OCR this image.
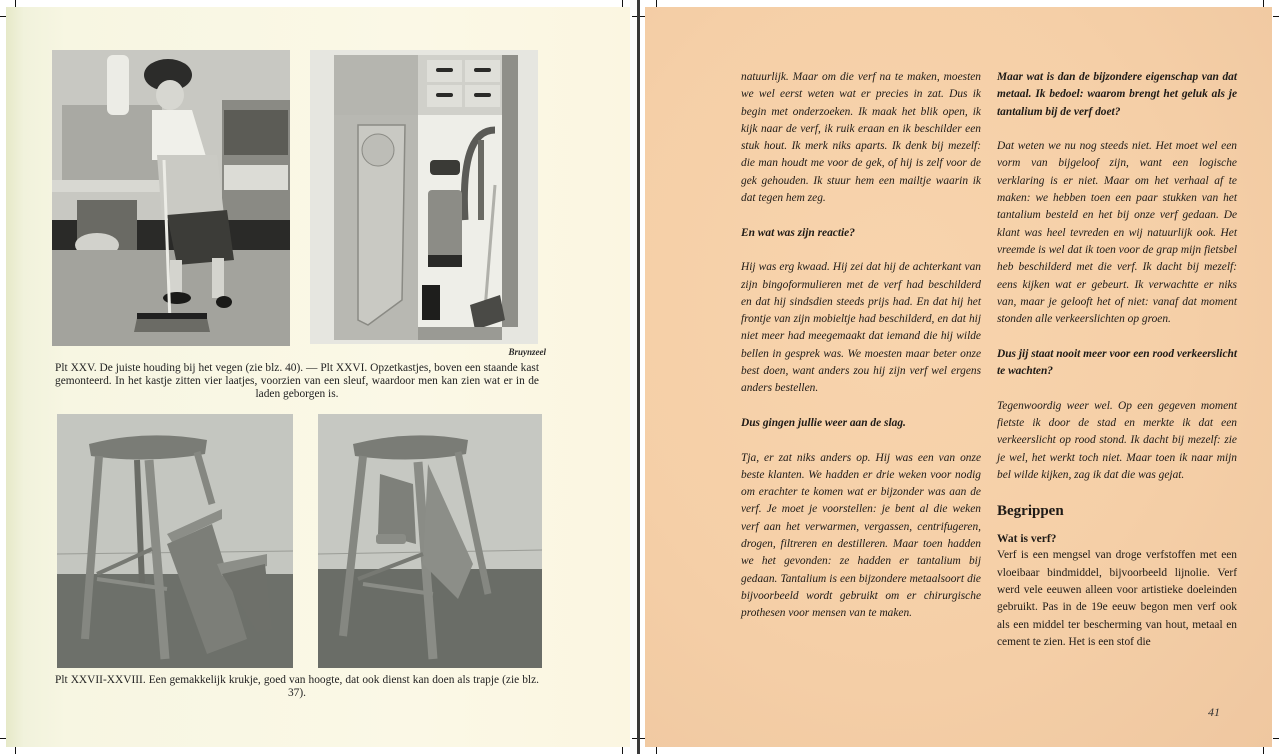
Bruynzeel
Plt XXV. De juiste houding bij het vegen (zie blz. 40). — Plt XXVI. Opzetkastjes, boven een staande kast gemonteerd. In het kastje zitten vier laatjes, voorzien van een sleuf, waardoor men kan zien wat er in de laden geborgen is.
Plt XXVII-XXVIII. Een gemakkelijk krukje, goed van hoogte, dat ook dienst kan doen als trapje (zie blz. 37).

natuurlijk. Maar om die verf na te maken, moesten we wel eerst weten wat er precies in zat. Dus ik begin met onderzoeken. Ik maak het blik open, ik kijk naar de verf, ik ruik eraan en ik beschilder een stuk hout. Ik merk niks aparts. Ik denk bij mezelf: die man houdt me voor de gek, of hij is zelf voor de gek gehouden. Ik stuur hem een mailtje waarin ik dat tegen hem zeg.

En wat was zijn reactie?

Hij was erg kwaad. Hij zei dat hij de achterkant van zijn bingoformulieren met de verf had beschilderd en dat hij sindsdien steeds prijs had. En dat hij het frontje van zijn mobieltje had beschilderd, en dat hij niet meer had meegemaakt dat iemand die hij wilde bellen in gesprek was. We moesten maar beter onze best doen, want anders zou hij zijn verf wel ergens anders bestellen.

Dus gingen jullie weer aan de slag.

Tja, er zat niks anders op. Hij was een van onze beste klanten. We hadden er drie weken voor nodig om erachter te komen wat er bijzonder was aan de verf. Je moet je voorstellen: je bent al die weken verf aan het verwarmen, vergassen, centrifugeren, drogen, filtreren en destilleren. Maar toen hadden we het gevonden: ze hadden er tantalium bij gedaan. Tantalium is een bijzondere metaalsoort die bijvoorbeeld wordt gebruikt om er chirurgische prothesen voor mensen van te maken.

Maar wat is dan de bijzondere eigenschap van dat metaal. Ik bedoel: waarom brengt het geluk als je tantalium bij de verf doet?

Dat weten we nu nog steeds niet. Het moet wel een vorm van bijgeloof zijn, want een logische verklaring is er niet. Maar om het verhaal af te maken: we hebben toen een paar stukken van het tantalium besteld en het bij onze verf gedaan. De klant was heel tevreden en wij natuurlijk ook. Het vreemde is wel dat ik toen voor de grap mijn fietsbel heb beschilderd met die verf. Ik dacht bij mezelf: eens kijken wat er gebeurt. Ik verwachtte er niks van, maar je gelooft het of niet: vanaf dat moment stonden alle verkeerslichten op groen.

Dus jij staat nooit meer voor een rood verkeerslicht te wachten?

Tegenwoordig weer wel. Op een gegeven moment fietste ik door de stad en merkte ik dat een verkeerslicht op rood stond. Ik dacht bij mezelf: zie je wel, het werkt toch niet. Maar toen ik naar mijn bel wilde kijken, zag ik dat die was gejat.

Begrippen
Wat is verf?

Verf is een mengsel van droge verfstoffen met een vloeibaar bindmiddel, bijvoorbeeld lijnolie. Verf werd vele eeuwen alleen voor artistieke doeleinden gebruikt. Pas in de 19e eeuw begon men verf ook als een middel ter bescherming van hout, metaal en cement te zien. Het is een stof die

41
